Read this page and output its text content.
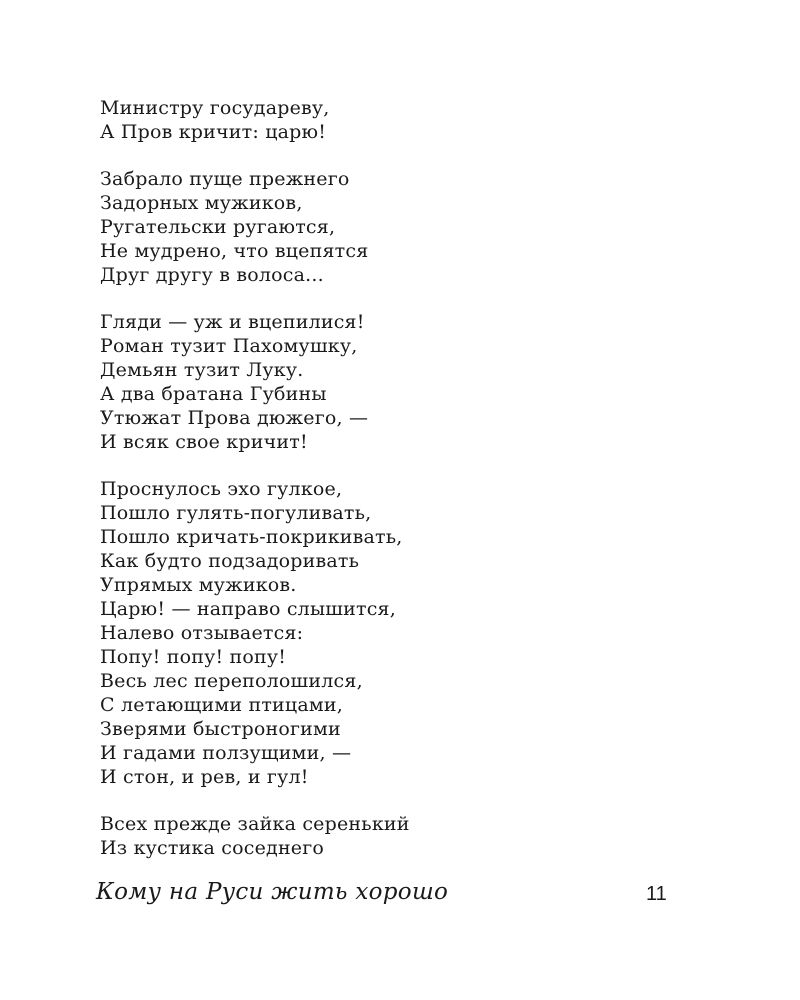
Министру государеву,
А Пров кричит: царю!
Забрало пуще прежнего
Задорных мужиков,
Ругательски ругаются,
Не мудрено, что вцепятся
Друг другу в волоса...
Гляди — уж и вцепилися!
Роман тузит Пахомушку,
Демьян тузит Луку.
А два братана Губины
Утюжат Прова дюжего, —
И всяк свое кричит!
Проснулось эхо гулкое,
Пошло гулять-погуливать,
Пошло кричать-покрикивать,
Как будто подзадоривать
Упрямых мужиков.
Царю! — направо слышится,
Налево отзывается:
Попу! попу! попу!
Весь лес переполошился,
С летающими птицами,
Зверями быстроногими
И гадами ползущими, —
И стон, и рев, и гул!
Всех прежде зайка серенький
Из кустика соседнего
Кому на Руси жить хорошо	11
